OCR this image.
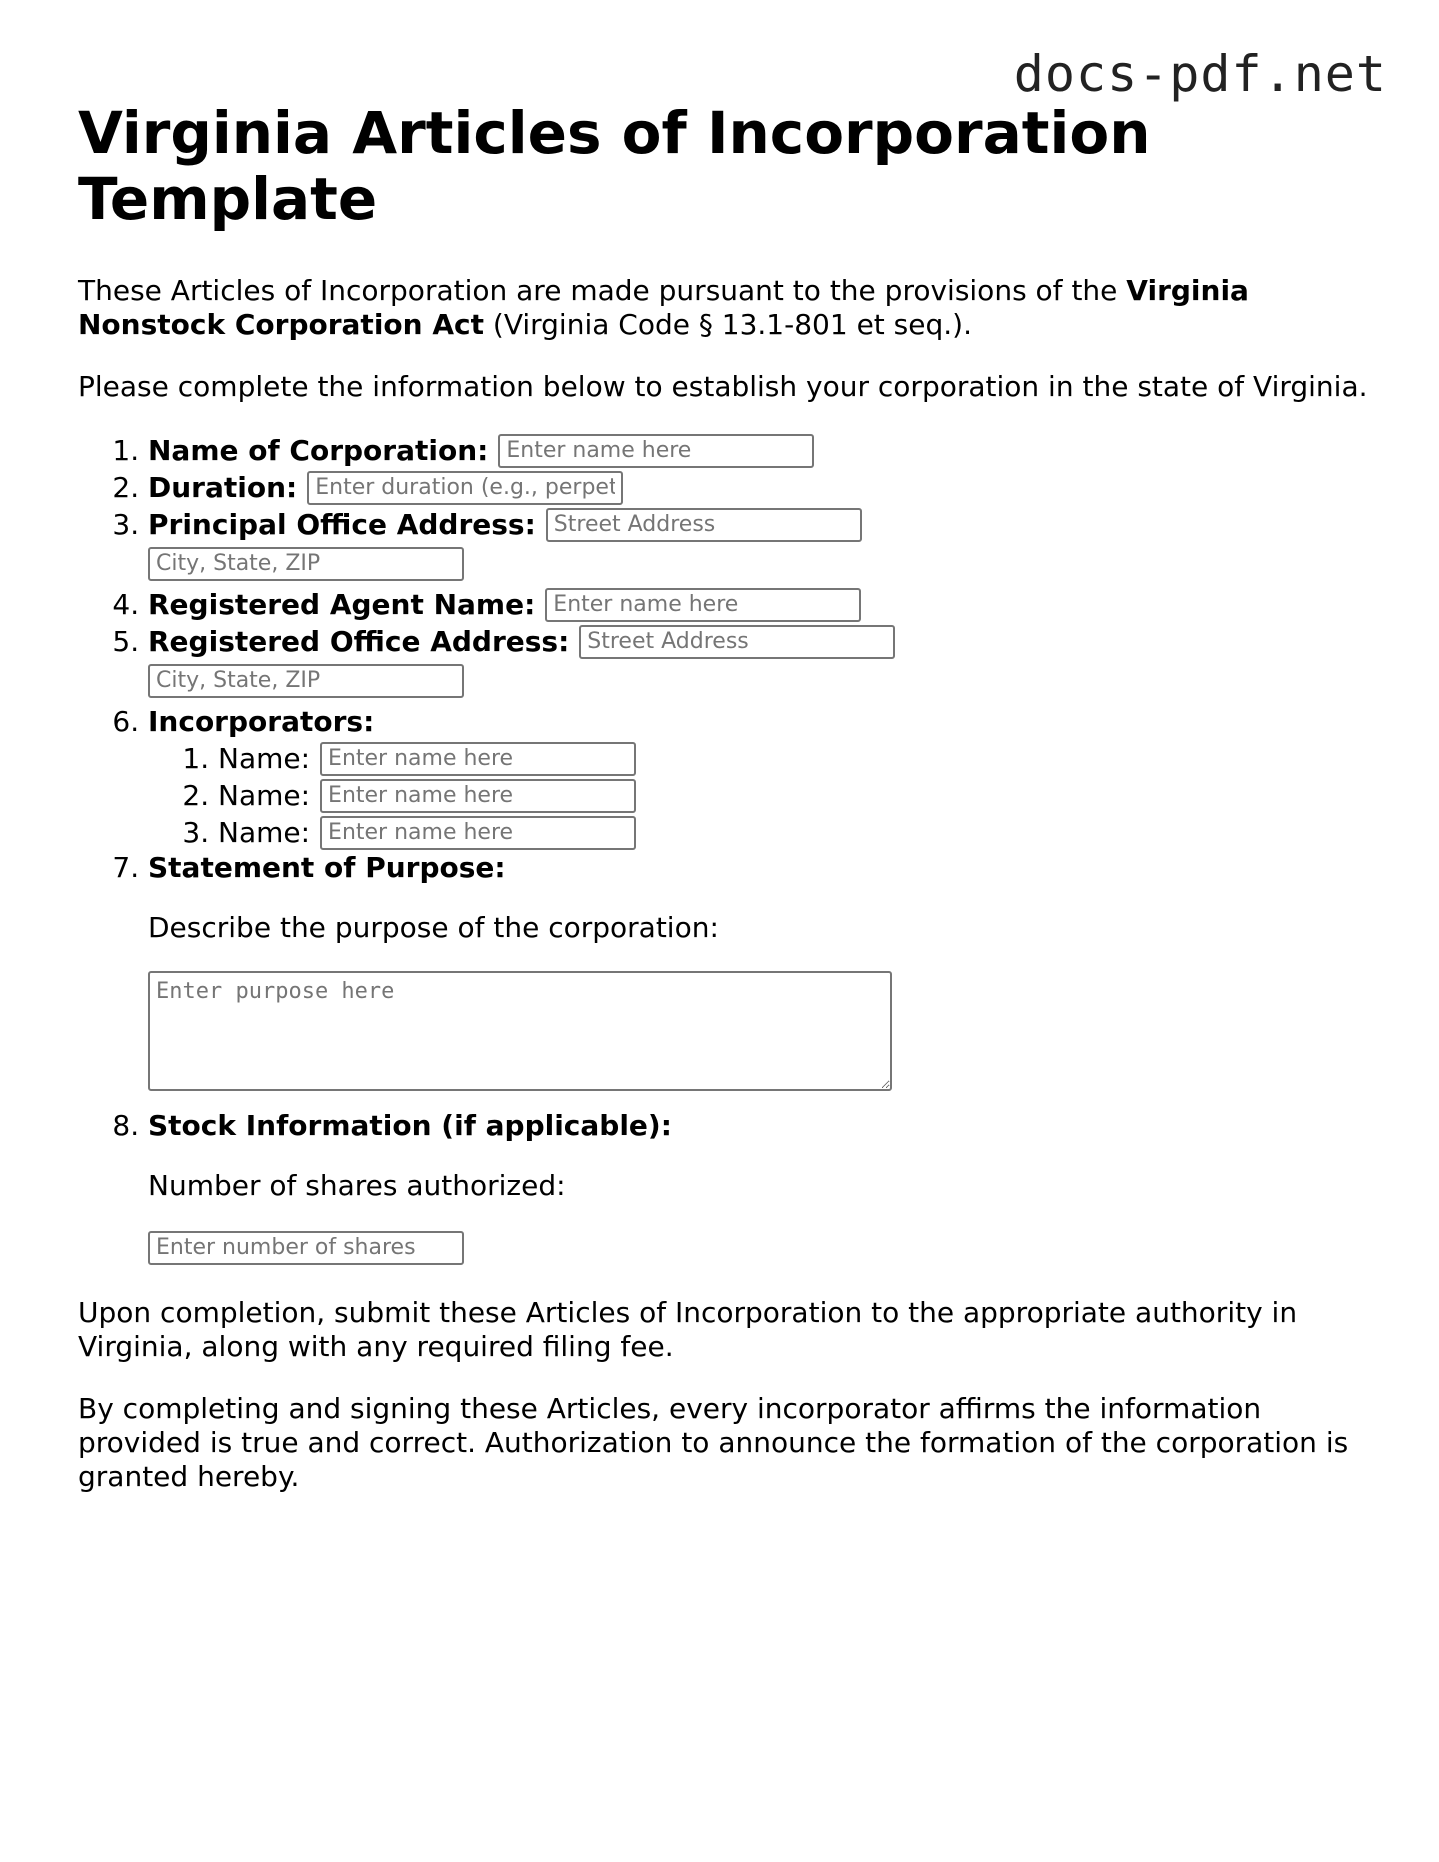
docs-pdf.net
Virginia Articles of Incorporation Template

These Articles of Incorporation are made pursuant to the provisions of the Virginia Nonstock Corporation Act (Virginia Code § 13.1-801 et seq.).

Please complete the information below to establish your corporation in the state of Virginia.

1. Name of Corporation:
Enter name here
2. Duration:
Enter duration (e.g., perpetual)
3. Principal Office Address:
Street Address
City, State, ZIP
4. Registered Agent Name:
Enter name here
5. Registered Office Address:
Street Address
City, State, ZIP
6. Incorporators:
1. Name:
Enter name here
2. Name:
Enter name here
3. Name:
Enter name here
7. Statement of Purpose:
Describe the purpose of the corporation:
Enter purpose here
8. Stock Information (if applicable):
Number of shares authorized:
Enter number of shares

Upon completion, submit these Articles of Incorporation to the appropriate authority in Virginia, along with any required filing fee.

By completing and signing these Articles, every incorporator affirms the information provided is true and correct. Authorization to announce the formation of the corporation is granted hereby.
